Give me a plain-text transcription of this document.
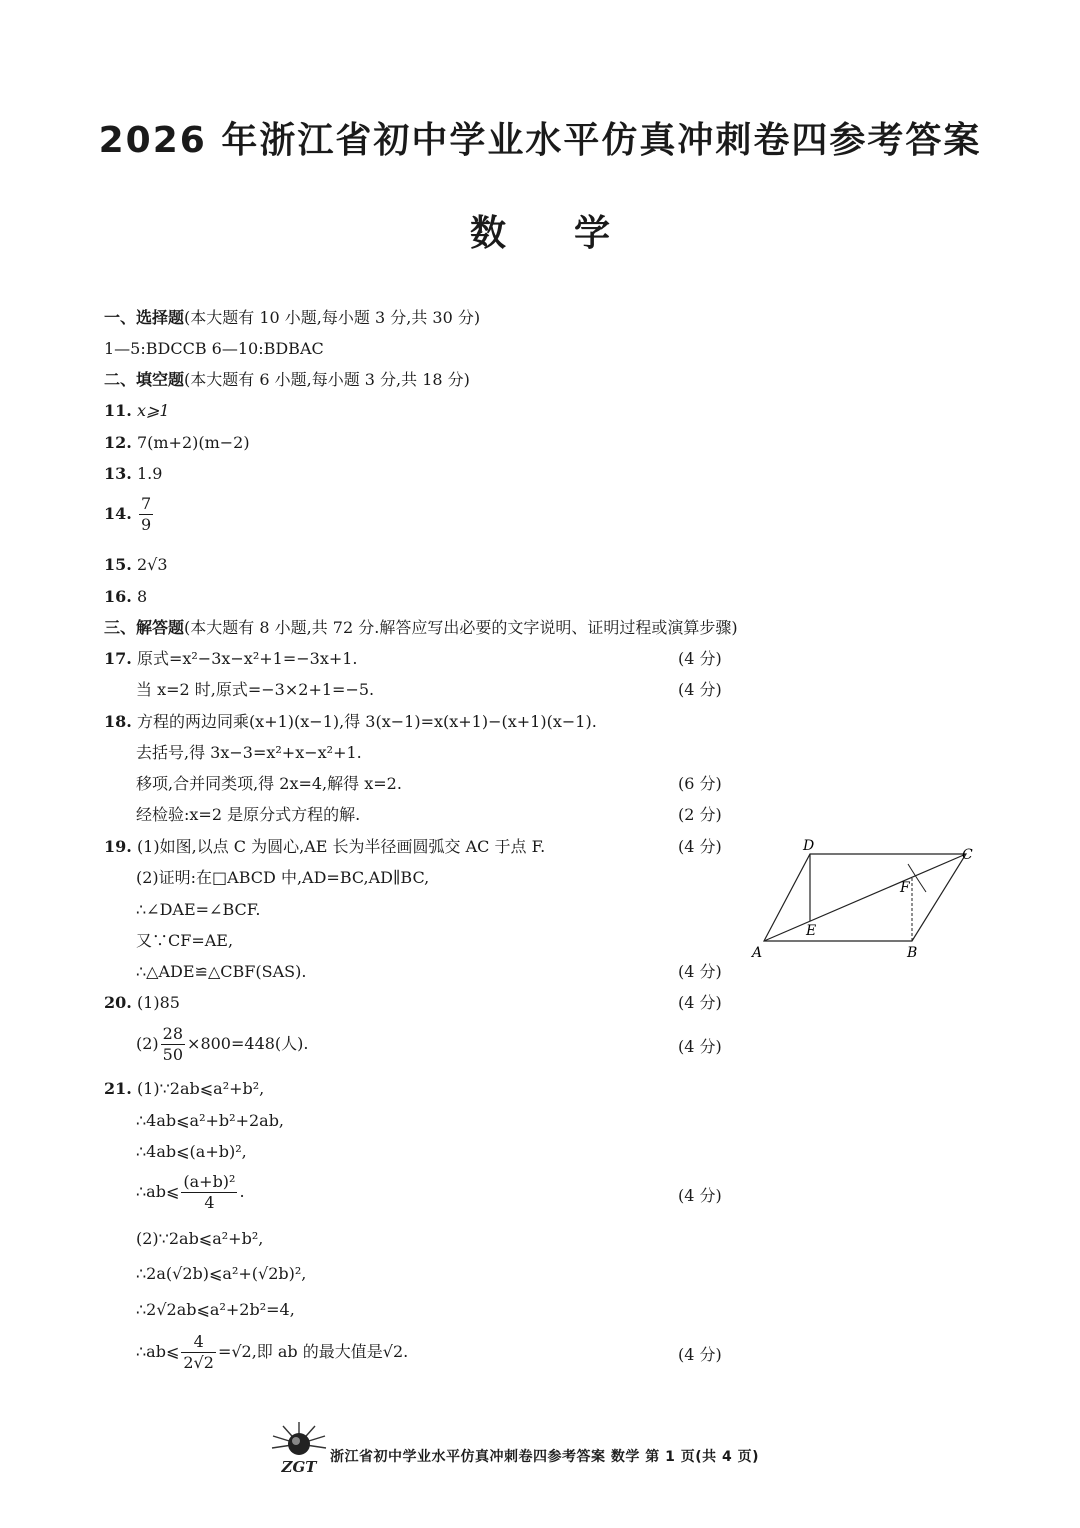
2026 年浙江省初中学业水平仿真冲刺卷四参考答案
数 学
一、选择题(本大题有 10 小题,每小题 3 分,共 30 分)
1—5:BDCCB 6—10:BDBAC
二、填空题(本大题有 6 小题,每小题 3 分,共 18 分)
11. x⩾1
12. 7(m+2)(m−2)
13. 1.9
14. $\frac{7}{9}$
15. 2√3
16. 8
三、解答题(本大题有 8 小题,共 72 分.解答应写出必要的文字说明、证明过程或演算步骤)
17. 原式=x²−3x−x²+1=−3x+1.	(4 分)
当 x=2 时,原式=−3×2+1=−5.	(4 分)
18. 方程的两边同乘(x+1)(x−1),得 3(x−1)=x(x+1)−(x+1)(x−1).
去括号,得 3x−3=x²+x−x²+1.
移项,合并同类项,得 2x=4,解得 x=2.	(6 分)
经检验:x=2 是原分式方程的解.	(2 分)
19. (1)如图,以点 C 为圆心,AE 长为半径画圆弧交 AC 于点 F.	(4 分)
(2)证明:在□ABCD 中,AD=BC,AD∥BC,
∴∠DAE=∠BCF.
又∵CF=AE,
∴△ADE≌△CBF(SAS).	(4 分)
A	B
C
D
E
F
20. (1)85	(4 分)
$(2) \frac{28}{50} \times 800=448$(人).	(4 分)
21. (1)∵2ab⩽a²+b²,
∴4ab⩽a²+b²+2ab,
∴4ab⩽(a+b)²,
∴ab⩽ $\frac{\text{(a+b)²}}{4}$ .	(4 分)
(2)∵2ab⩽a²+b²,
∴2a(√2b)⩽a²+(√2b)²,
∴2√2ab⩽a²+2b²=4,
∴ab⩽ $\frac{4}{2√2} =√2$,即 ab 的最大值是√2.	(4 分)
ZGT
浙江省初中学业水平仿真冲刺卷四参考答案 数学 第 1 页(共 4 页)
